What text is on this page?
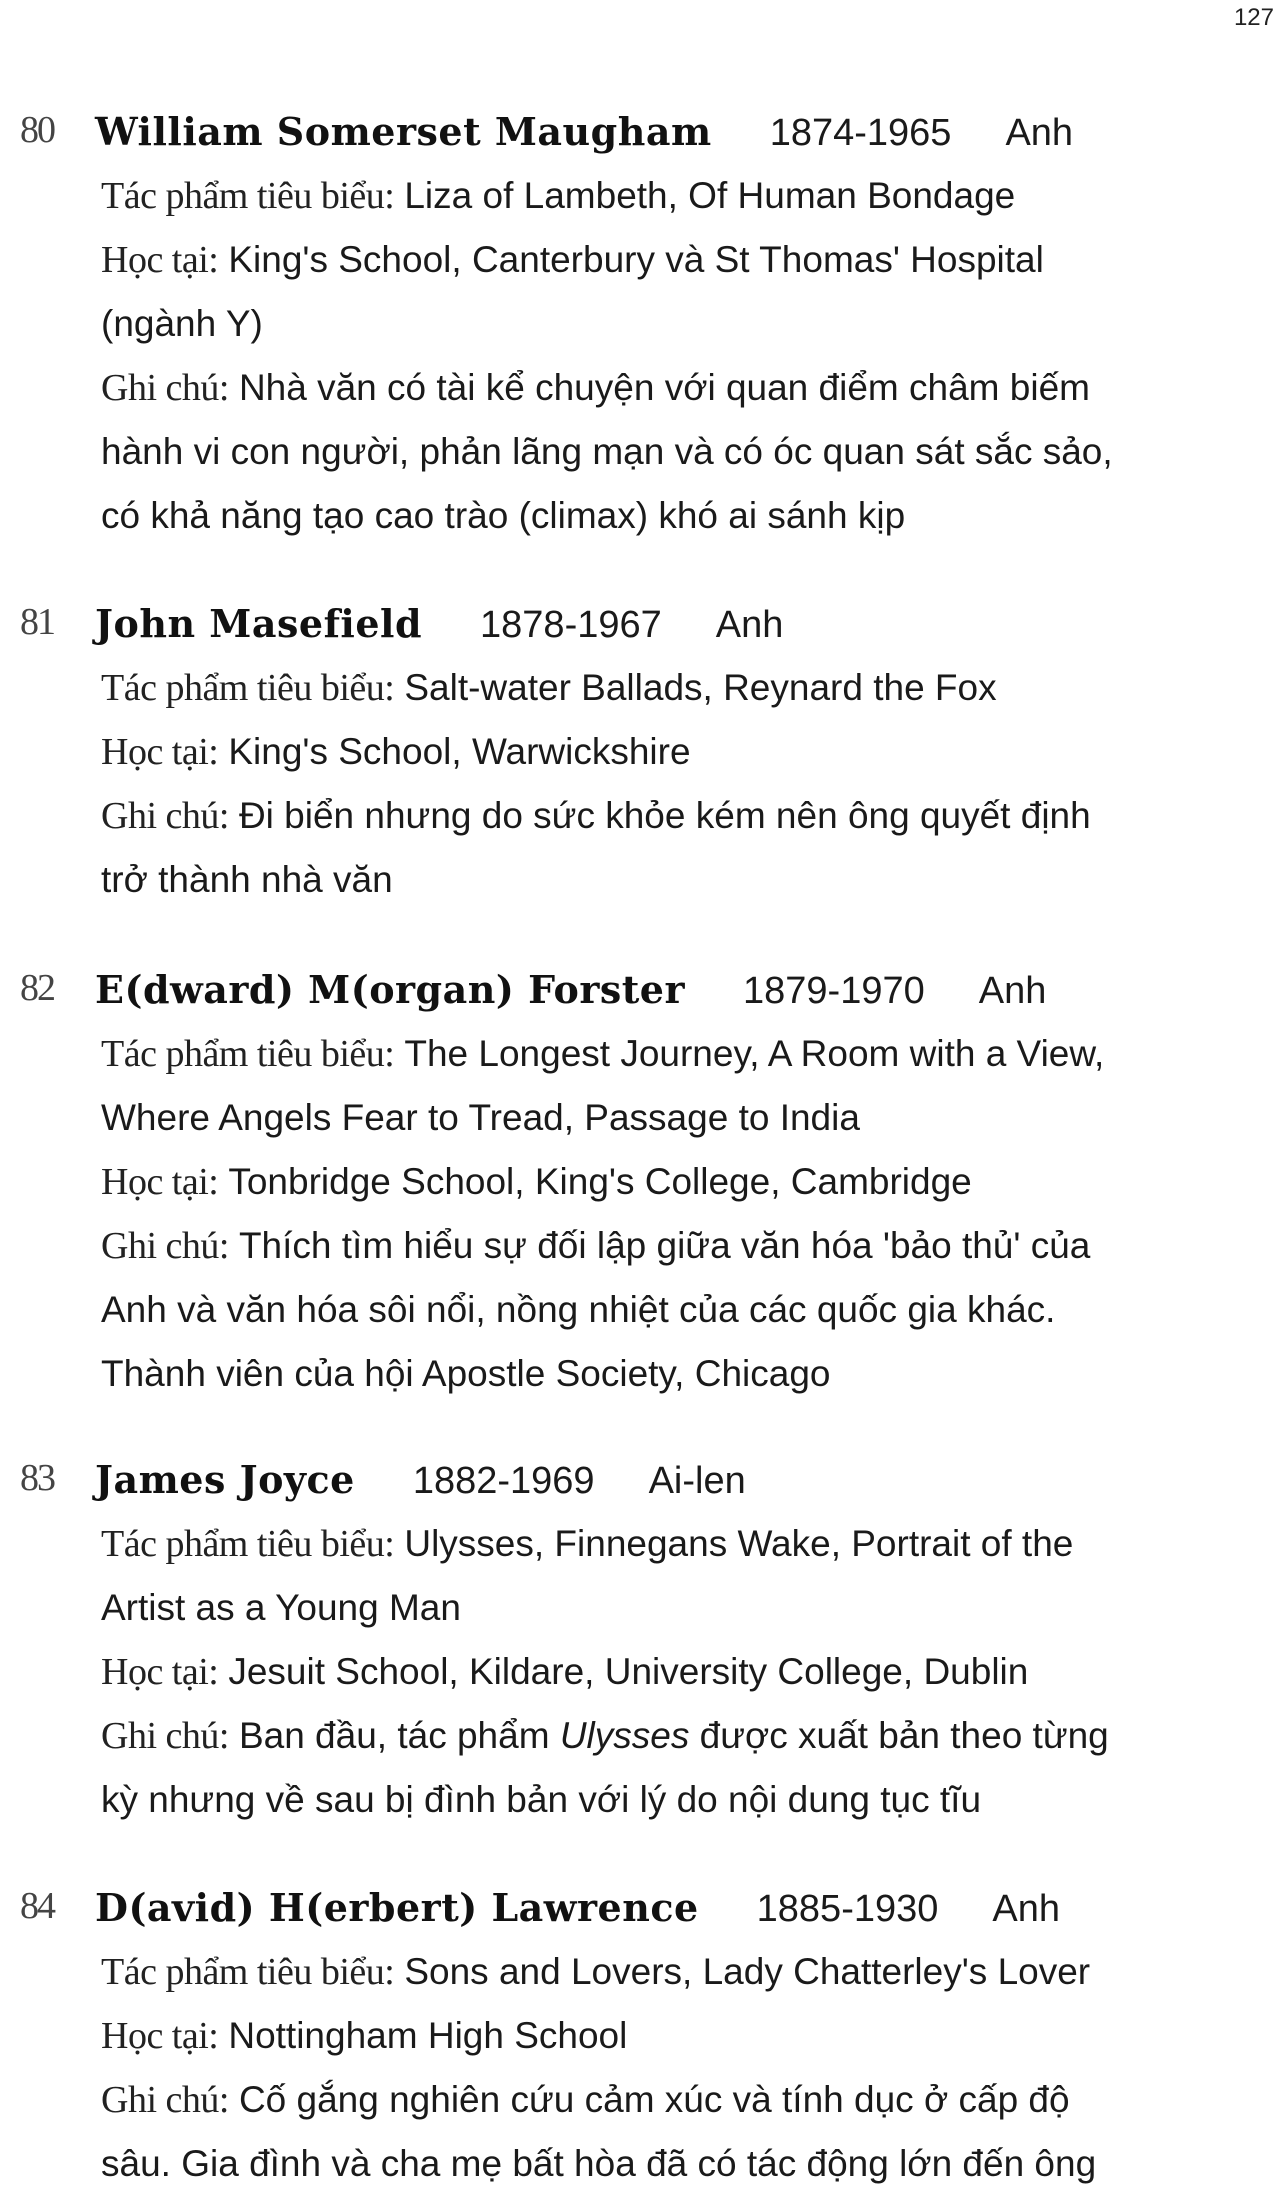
127
80 William Somerset Maugham 1874-1965 Anh
Tác phẩm tiêu biểu: Liza of Lambeth, Of Human Bondage
Học tại: King's School, Canterbury và St Thomas' Hospital
(ngành Y)
Ghi chú: Nhà văn có tài kể chuyện với quan điểm châm biếm
hành vi con người, phản lãng mạn và có óc quan sát sắc sảo,
có khả năng tạo cao trào (climax) khó ai sánh kịp
81 John Masefield 1878-1967 Anh
Tác phẩm tiêu biểu: Salt-water Ballads, Reynard the Fox
Học tại: King's School, Warwickshire
Ghi chú: Đi biển nhưng do sức khỏe kém nên ông quyết định
trở thành nhà văn
82 E(dward) M(organ) Forster 1879-1970 Anh
Tác phẩm tiêu biểu: The Longest Journey, A Room with a View,
Where Angels Fear to Tread, Passage to India
Học tại: Tonbridge School, King's College, Cambridge
Ghi chú: Thích tìm hiểu sự đối lập giữa văn hóa 'bảo thủ' của
Anh và văn hóa sôi nổi, nồng nhiệt của các quốc gia khác.
Thành viên của hội Apostle Society, Chicago
83 James Joyce 1882-1969 Ai-len
Tác phẩm tiêu biểu: Ulysses, Finnegans Wake, Portrait of the
Artist as a Young Man
Học tại: Jesuit School, Kildare, University College, Dublin
Ghi chú: Ban đầu, tác phẩm Ulysses được xuất bản theo từng
kỳ nhưng về sau bị đình bản với lý do nội dung tục tĩu
84 D(avid) H(erbert) Lawrence 1885-1930 Anh
Tác phẩm tiêu biểu: Sons and Lovers, Lady Chatterley's Lover
Học tại: Nottingham High School
Ghi chú: Cố gắng nghiên cứu cảm xúc và tính dục ở cấp độ
sâu. Gia đình và cha mẹ bất hòa đã có tác động lớn đến ông
